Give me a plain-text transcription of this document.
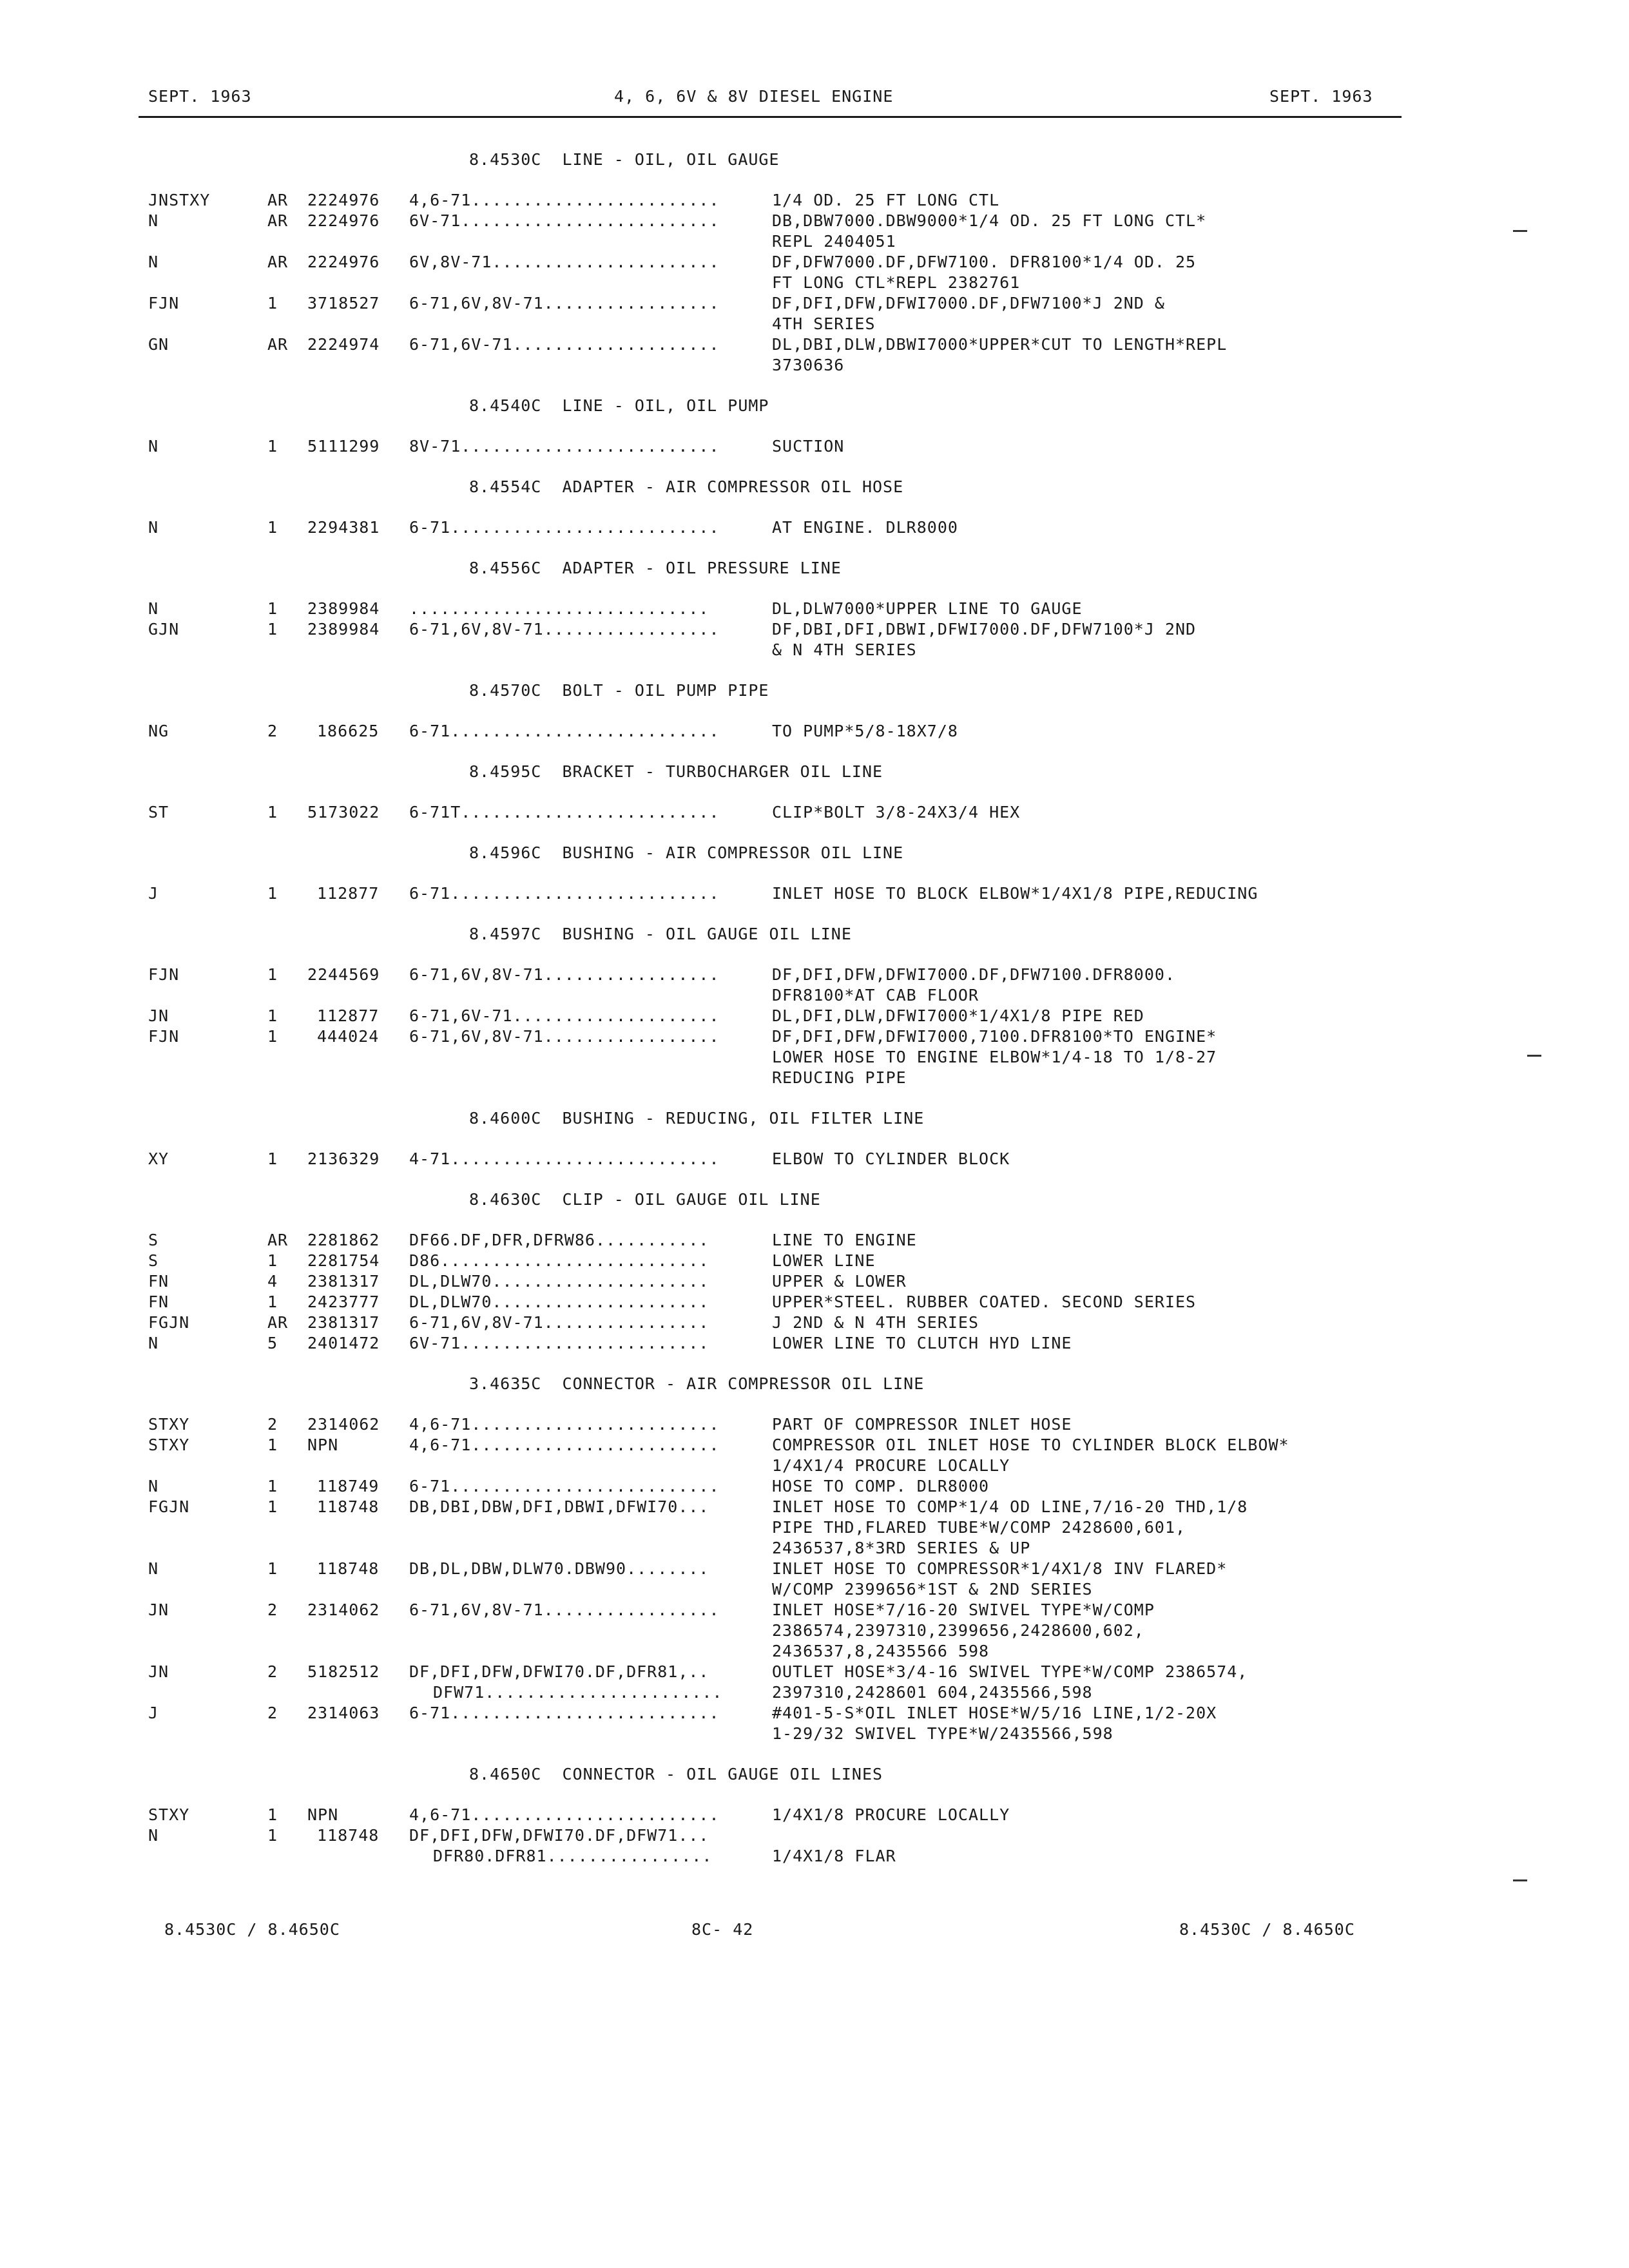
SEPT. 1963	4, 6, 6V & 8V DIESEL ENGINE	SEPT. 1963
8.4530C  LINE - OIL, OIL GAUGE
JNSTXY	AR 2224976 4,6-71........................	1/4 OD. 25 FT LONG CTL
N	AR 2224976 6V-71.........................	DB,DBW7000.DBW9000*1/4 OD. 25 FT LONG CTL*
REPL 2404051
N	AR 2224976 6V,8V-71......................	DF,DFW7000.DF,DFW7100. DFR8100*1/4 OD. 25
FT LONG CTL*REPL 2382761
FJN	1 3718527 6-71,6V,8V-71.................	DF,DFI,DFW,DFWI7000.DF,DFW7100*J 2ND &
4TH SERIES
GN	AR 2224974 6-71,6V-71....................	DL,DBI,DLW,DBWI7000*UPPER*CUT TO LENGTH*REPL
3730636
8.4540C  LINE - OIL, OIL PUMP
N	1 5111299 8V-71.........................	SUCTION
8.4554C  ADAPTER - AIR COMPRESSOR OIL HOSE
N	1 2294381 6-71..........................	AT ENGINE. DLR8000
8.4556C  ADAPTER - OIL PRESSURE LINE
N	1 2389984 .............................	DL,DLW7000*UPPER LINE TO GAUGE
GJN	1 2389984 6-71,6V,8V-71.................	DF,DBI,DFI,DBWI,DFWI7000.DF,DFW7100*J 2ND
& N 4TH SERIES
8.4570C  BOLT - OIL PUMP PIPE
NG	2 186625 6-71..........................	TO PUMP*5/8-18X7/8
8.4595C  BRACKET - TURBOCHARGER OIL LINE
ST	1 5173022 6-71T.........................	CLIP*BOLT 3/8-24X3/4 HEX
8.4596C  BUSHING - AIR COMPRESSOR OIL LINE
J	1 112877 6-71..........................	INLET HOSE TO BLOCK ELBOW*1/4X1/8 PIPE,REDUCING
8.4597C  BUSHING - OIL GAUGE OIL LINE
FJN	1 2244569 6-71,6V,8V-71.................	DF,DFI,DFW,DFWI7000.DF,DFW7100.DFR8000.
DFR8100*AT CAB FLOOR
JN	1 112877 6-71,6V-71....................	DL,DFI,DLW,DFWI7000*1/4X1/8 PIPE RED
FJN	1 444024 6-71,6V,8V-71.................	DF,DFI,DFW,DFWI7000,7100.DFR8100*TO ENGINE*
LOWER HOSE TO ENGINE ELBOW*1/4-18 TO 1/8-27
REDUCING PIPE
8.4600C  BUSHING - REDUCING, OIL FILTER LINE
XY	1 2136329 4-71..........................	ELBOW TO CYLINDER BLOCK
8.4630C  CLIP - OIL GAUGE OIL LINE
S	AR 2281862 DF66.DF,DFR,DFRW86...........	LINE TO ENGINE
S	1 2281754 D86..........................	LOWER LINE
FN	4 2381317 DL,DLW70.....................	UPPER & LOWER
FN	1 2423777 DL,DLW70.....................	UPPER*STEEL. RUBBER COATED. SECOND SERIES
FGJN	AR 2381317 6-71,6V,8V-71................	J 2ND & N 4TH SERIES
N	5 2401472 6V-71........................	LOWER LINE TO CLUTCH HYD LINE
3.4635C  CONNECTOR - AIR COMPRESSOR OIL LINE
STXY	2 2314062 4,6-71........................	PART OF COMPRESSOR INLET HOSE
STXY	1 NPN	4,6-71........................	COMPRESSOR OIL INLET HOSE TO CYLINDER BLOCK ELBOW*
1/4X1/4 PROCURE LOCALLY
N	1 118749 6-71..........................	HOSE TO COMP. DLR8000
FGJN	1 118748 DB,DBI,DBW,DFI,DBWI,DFWI70...	INLET HOSE TO COMP*1/4 OD LINE,7/16-20 THD,1/8
PIPE THD,FLARED TUBE*W/COMP 2428600,601,
2436537,8*3RD SERIES & UP
N	1 118748 DB,DL,DBW,DLW70.DBW90........	INLET HOSE TO COMPRESSOR*1/4X1/8 INV FLARED*
W/COMP 2399656*1ST & 2ND SERIES
JN	2 2314062 6-71,6V,8V-71.................	INLET HOSE*7/16-20 SWIVEL TYPE*W/COMP
2386574,2397310,2399656,2428600,602,
2436537,8,2435566 598
JN	2 5182512 DF,DFI,DFW,DFWI70.DF,DFR81,..	OUTLET HOSE*3/4-16 SWIVEL TYPE*W/COMP 2386574,
DFW71.......................	2397310,2428601 604,2435566,598
J	2 2314063 6-71..........................	#401-5-S*OIL INLET HOSE*W/5/16 LINE,1/2-20X
1-29/32 SWIVEL TYPE*W/2435566,598
8.4650C  CONNECTOR - OIL GAUGE OIL LINES
STXY	1 NPN	4,6-71........................	1/4X1/8 PROCURE LOCALLY
N	1 118748 DF,DFI,DFW,DFWI70.DF,DFW71...
DFR80.DFR81................	1/4X1/8 FLAR
8.4530C / 8.4650C	8C- 42	8.4530C / 8.4650C
